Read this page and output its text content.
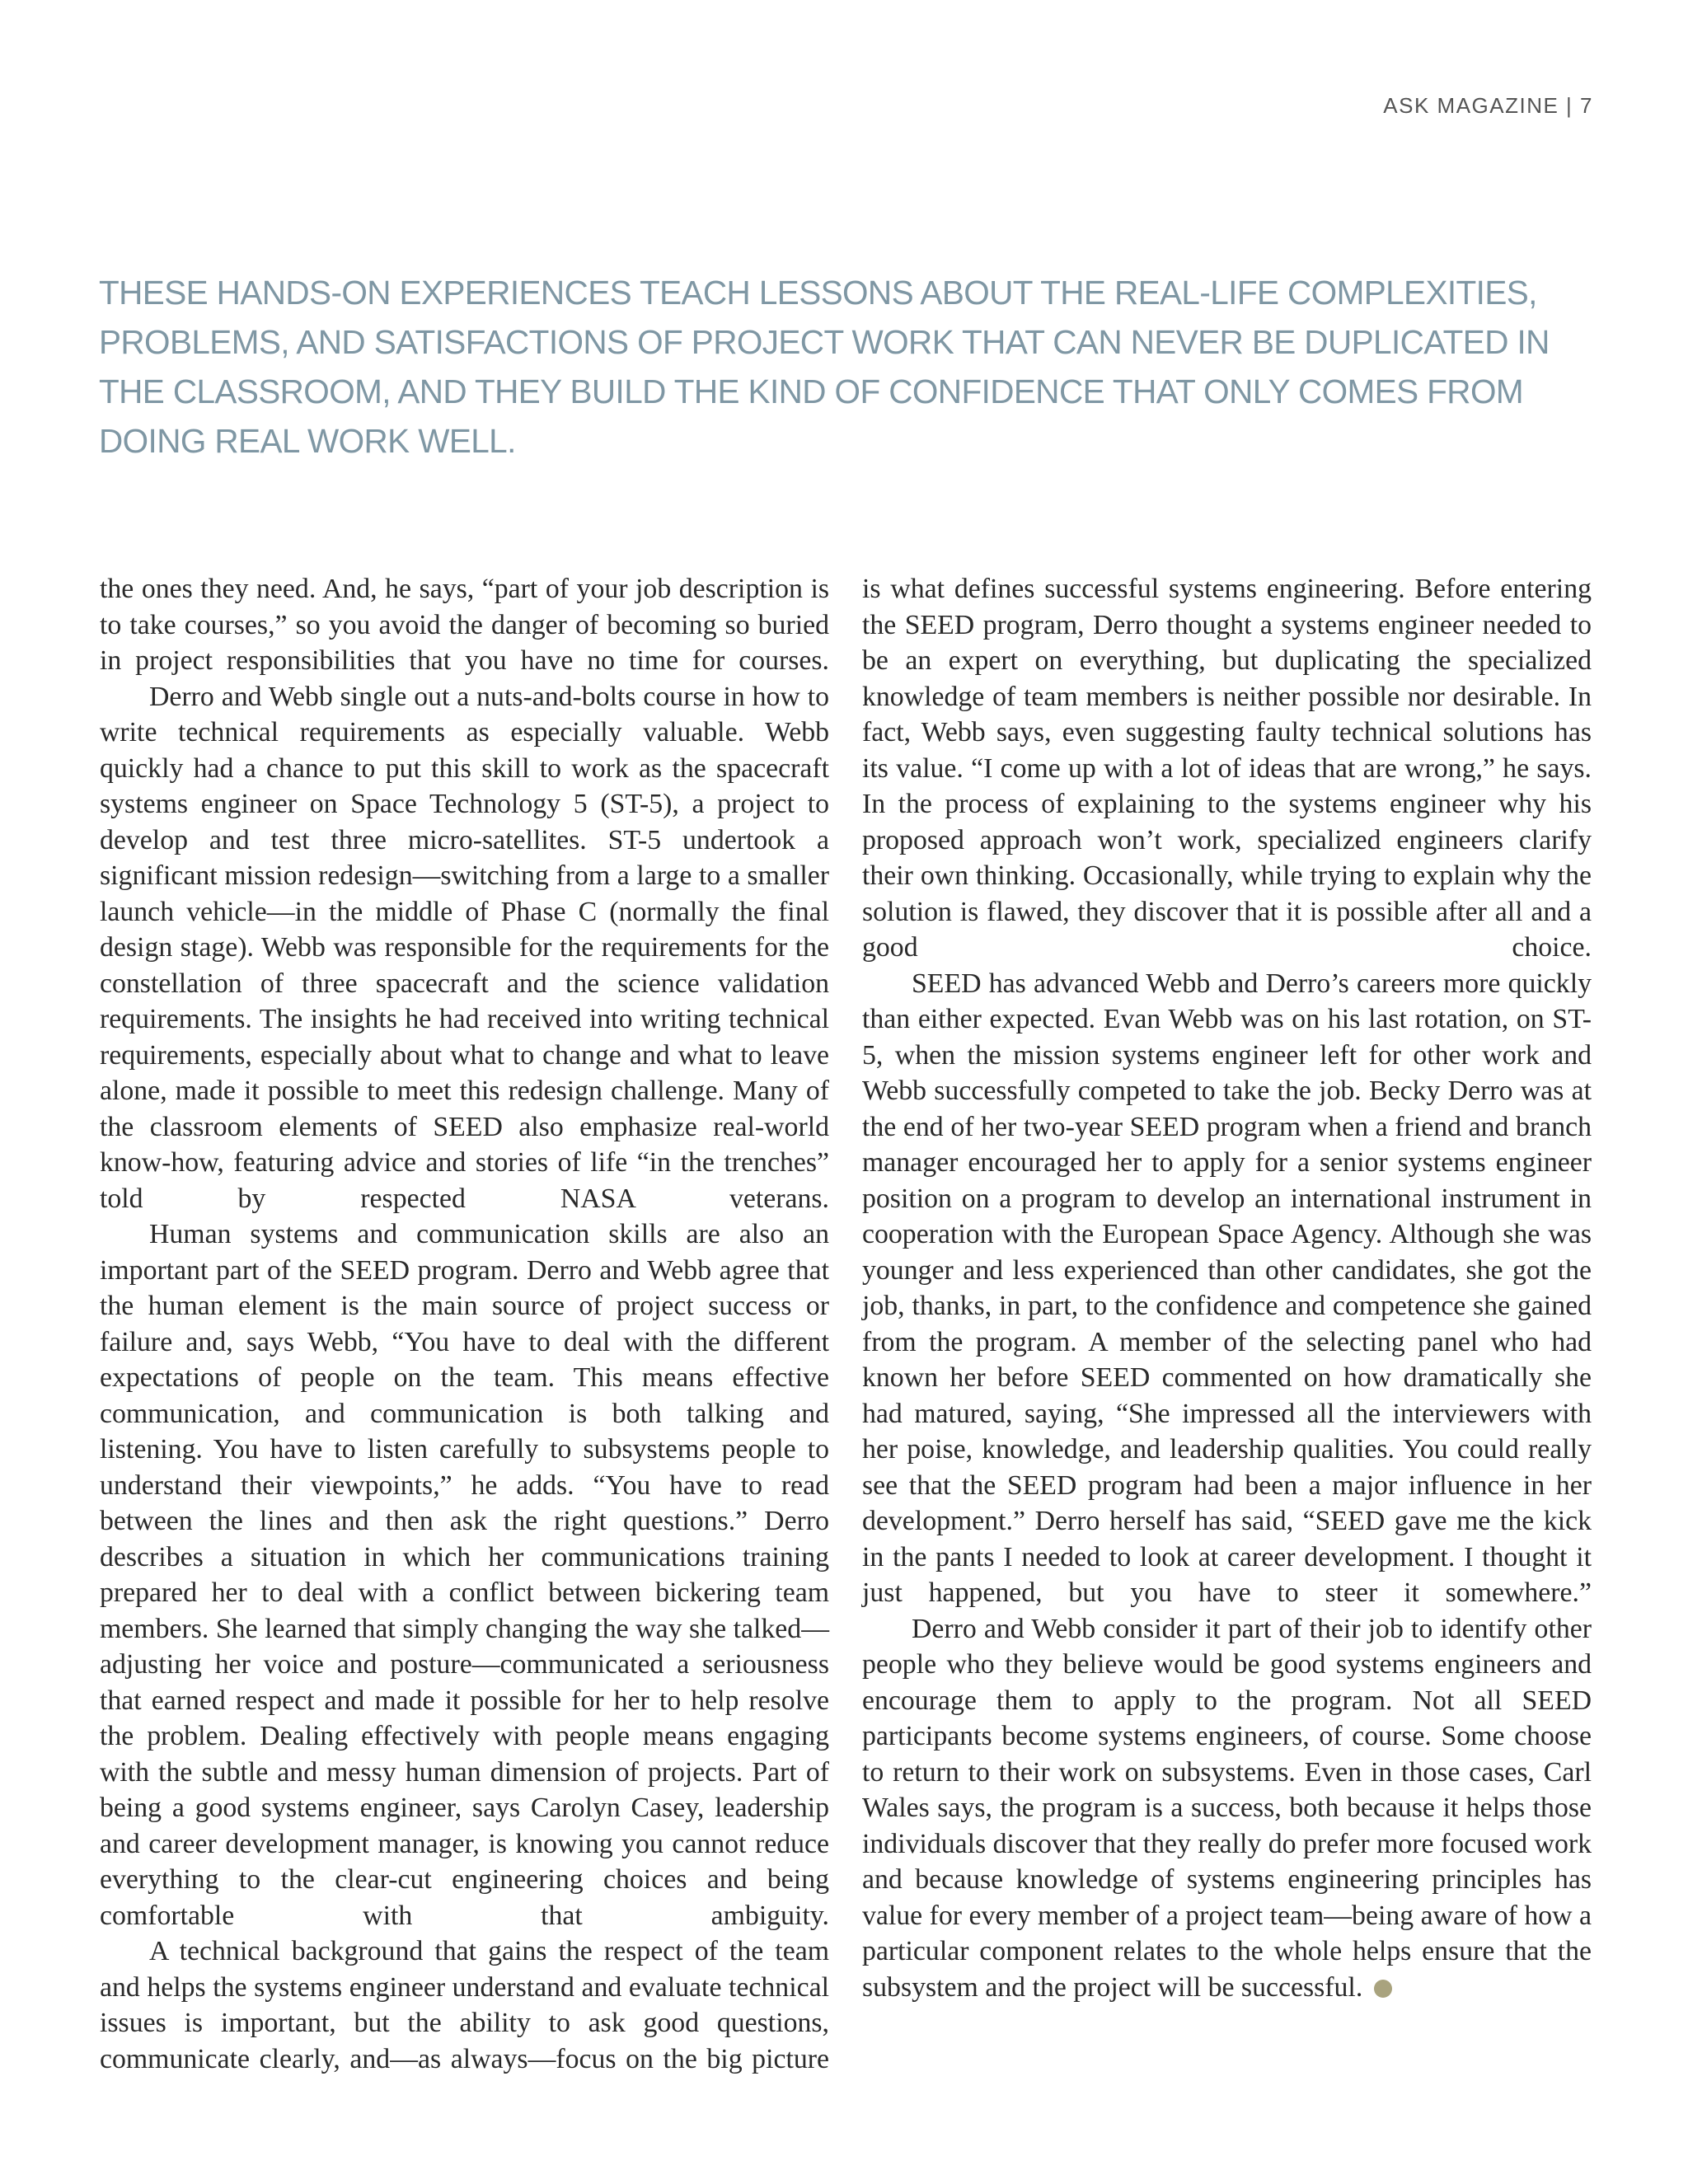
ASK MAGAZINE | 7
THESE HANDS-ON EXPERIENCES TEACH LESSONS ABOUT THE REAL-LIFE COMPLEXITIES,
PROBLEMS, AND SATISFACTIONS OF PROJECT WORK THAT CAN NEVER BE DUPLICATED IN
THE CLASSROOM, AND THEY BUILD THE KIND OF CONFIDENCE THAT ONLY COMES FROM
DOING REAL WORK WELL.

the ones they need. And, he says, “part of your job description is to take courses,” so you avoid the danger of becoming so buried in project responsibilities that you have no time for courses.

Derro and Webb single out a nuts-and-bolts course in how to write technical requirements as especially valuable. Webb quickly had a chance to put this skill to work as the spacecraft systems engineer on Space Technology 5 (ST-5), a project to develop and test three micro-satellites. ST-5 undertook a significant mission redesign—switching from a large to a smaller launch vehicle—in the middle of Phase C (normally the final design stage). Webb was responsible for the requirements for the constellation of three spacecraft and the science validation requirements. The insights he had received into writing technical requirements, especially about what to change and what to leave alone, made it possible to meet this redesign challenge. Many of the classroom elements of SEED also emphasize real-world know-how, featuring advice and stories of life “in the trenches” told by respected NASA veterans.

Human systems and communication skills are also an important part of the SEED program. Derro and Webb agree that the human element is the main source of project success or failure and, says Webb, “You have to deal with the different expectations of people on the team. This means effective communication, and communication is both talking and listening. You have to listen carefully to subsystems people to understand their viewpoints,” he adds. “You have to read between the lines and then ask the right questions.” Derro describes a situation in which her communications training prepared her to deal with a conflict between bickering team members. She learned that simply changing the way she talked—adjusting her voice and posture—communicated a seriousness that earned respect and made it possible for her to help resolve the problem. Dealing effectively with people means engaging with the subtle and messy human dimension of projects. Part of being a good systems engineer, says Carolyn Casey, leadership and career development manager, is knowing you cannot reduce everything to the clear-cut engineering choices and being comfortable with that ambiguity.

A technical background that gains the respect of the team and helps the systems engineer understand and evaluate technical issues is important, but the ability to ask good questions, communicate clearly, and—as always—focus on the big picture

is what defines successful systems engineering. Before entering the SEED program, Derro thought a systems engineer needed to be an expert on everything, but duplicating the specialized knowledge of team members is neither possible nor desirable. In fact, Webb says, even suggesting faulty technical solutions has its value. “I come up with a lot of ideas that are wrong,” he says. In the process of explaining to the systems engineer why his proposed approach won’t work, specialized engineers clarify their own thinking. Occasionally, while trying to explain why the solution is flawed, they discover that it is possible after all and a good choice.

SEED has advanced Webb and Derro’s careers more quickly than either expected. Evan Webb was on his last rotation, on ST-5, when the mission systems engineer left for other work and Webb successfully competed to take the job. Becky Derro was at the end of her two-year SEED program when a friend and branch manager encouraged her to apply for a senior systems engineer position on a program to develop an international instrument in cooperation with the European Space Agency. Although she was younger and less experienced than other candidates, she got the job, thanks, in part, to the confidence and competence she gained from the program. A member of the selecting panel who had known her before SEED commented on how dramatically she had matured, saying, “She impressed all the interviewers with her poise, knowledge, and leadership qualities. You could really see that the SEED program had been a major influence in her development.” Derro herself has said, “SEED gave me the kick in the pants I needed to look at career development. I thought it just happened, but you have to steer it somewhere.”

Derro and Webb consider it part of their job to identify other people who they believe would be good systems engineers and encourage them to apply to the program. Not all SEED participants become systems engineers, of course. Some choose to return to their work on subsystems. Even in those cases, Carl Wales says, the program is a success, both because it helps those individuals discover that they really do prefer more focused work and because knowledge of systems engineering principles has value for every member of a project team—being aware of how a particular component relates to the whole helps ensure that the subsystem and the project will be successful.
